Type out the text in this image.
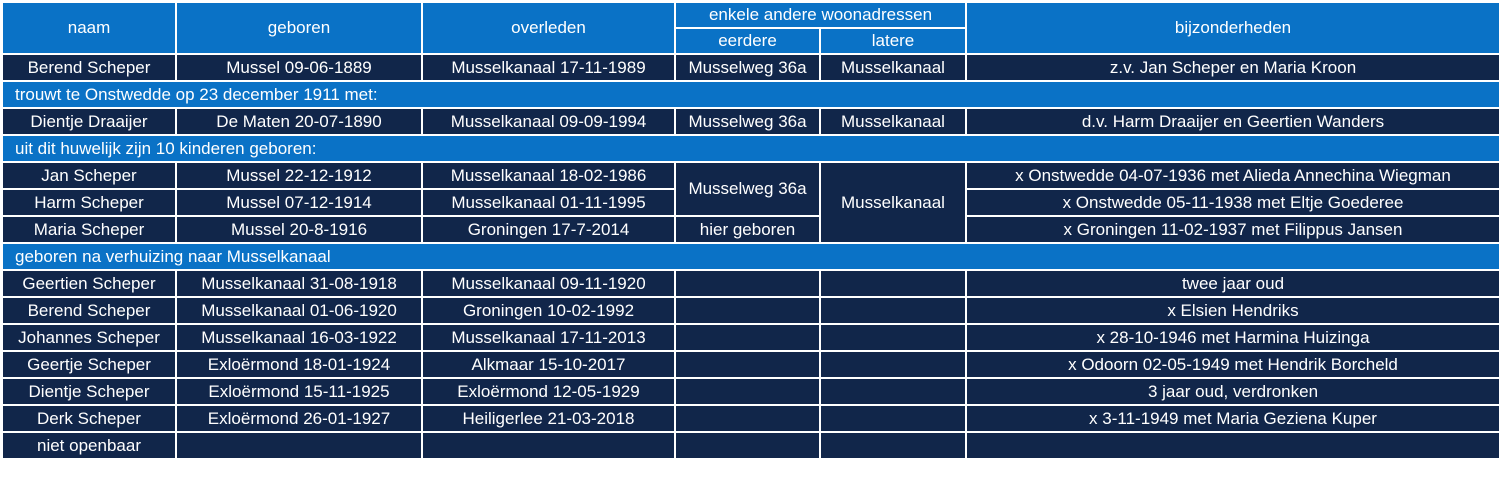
naam	geboren	overleden	enkele andere woonadressen		bijzonderheden
			eerdere	latere	
Berend Scheper	Mussel 09-06-1889	Musselkanaal 17-11-1989	Musselweg 36a	Musselkanaal	z.v. Jan Scheper en Maria Kroon
trouwt te Onstwedde op 23 december 1911 met:					
Dientje Draaijer	De Maten 20-07-1890	Musselkanaal 09-09-1994	Musselweg 36a	Musselkanaal	d.v. Harm Draaijer en Geertien Wanders
uit dit huwelijk zijn 10 kinderen geboren:					
Jan Scheper	Mussel 22-12-1912	Musselkanaal 18-02-1986	Musselweg 36a	Musselkanaal	x Onstwedde 04-07-1936 met Alieda Annechina Wiegman
Harm Scheper	Mussel 07-12-1914	Musselkanaal 01-11-1995			x Onstwedde 05-11-1938 met Eltje Goederee
Maria Scheper	Mussel 20-8-1916	Groningen 17-7-2014	hier geboren		x Groningen 11-02-1937 met Filippus Jansen
geboren na verhuizing naar Musselkanaal					
Geertien Scheper	Musselkanaal 31-08-1918	Musselkanaal 09-11-1920			twee jaar oud
Berend Scheper	Musselkanaal 01-06-1920	Groningen 10-02-1992			x Elsien Hendriks
Johannes Scheper	Musselkanaal 16-03-1922	Musselkanaal 17-11-2013			x 28-10-1946 met Harmina Huizinga
Geertje Scheper	Exloërmond 18-01-1924	Alkmaar 15-10-2017			x Odoorn 02-05-1949 met Hendrik Borcheld
Dientje Scheper	Exloërmond 15-11-1925	Exloërmond 12-05-1929			3 jaar oud, verdronken
Derk Scheper	Exloërmond 26-01-1927	Heiligerlee 21-03-2018			x 3-11-1949 met Maria Geziena Kuper
niet openbaar					
